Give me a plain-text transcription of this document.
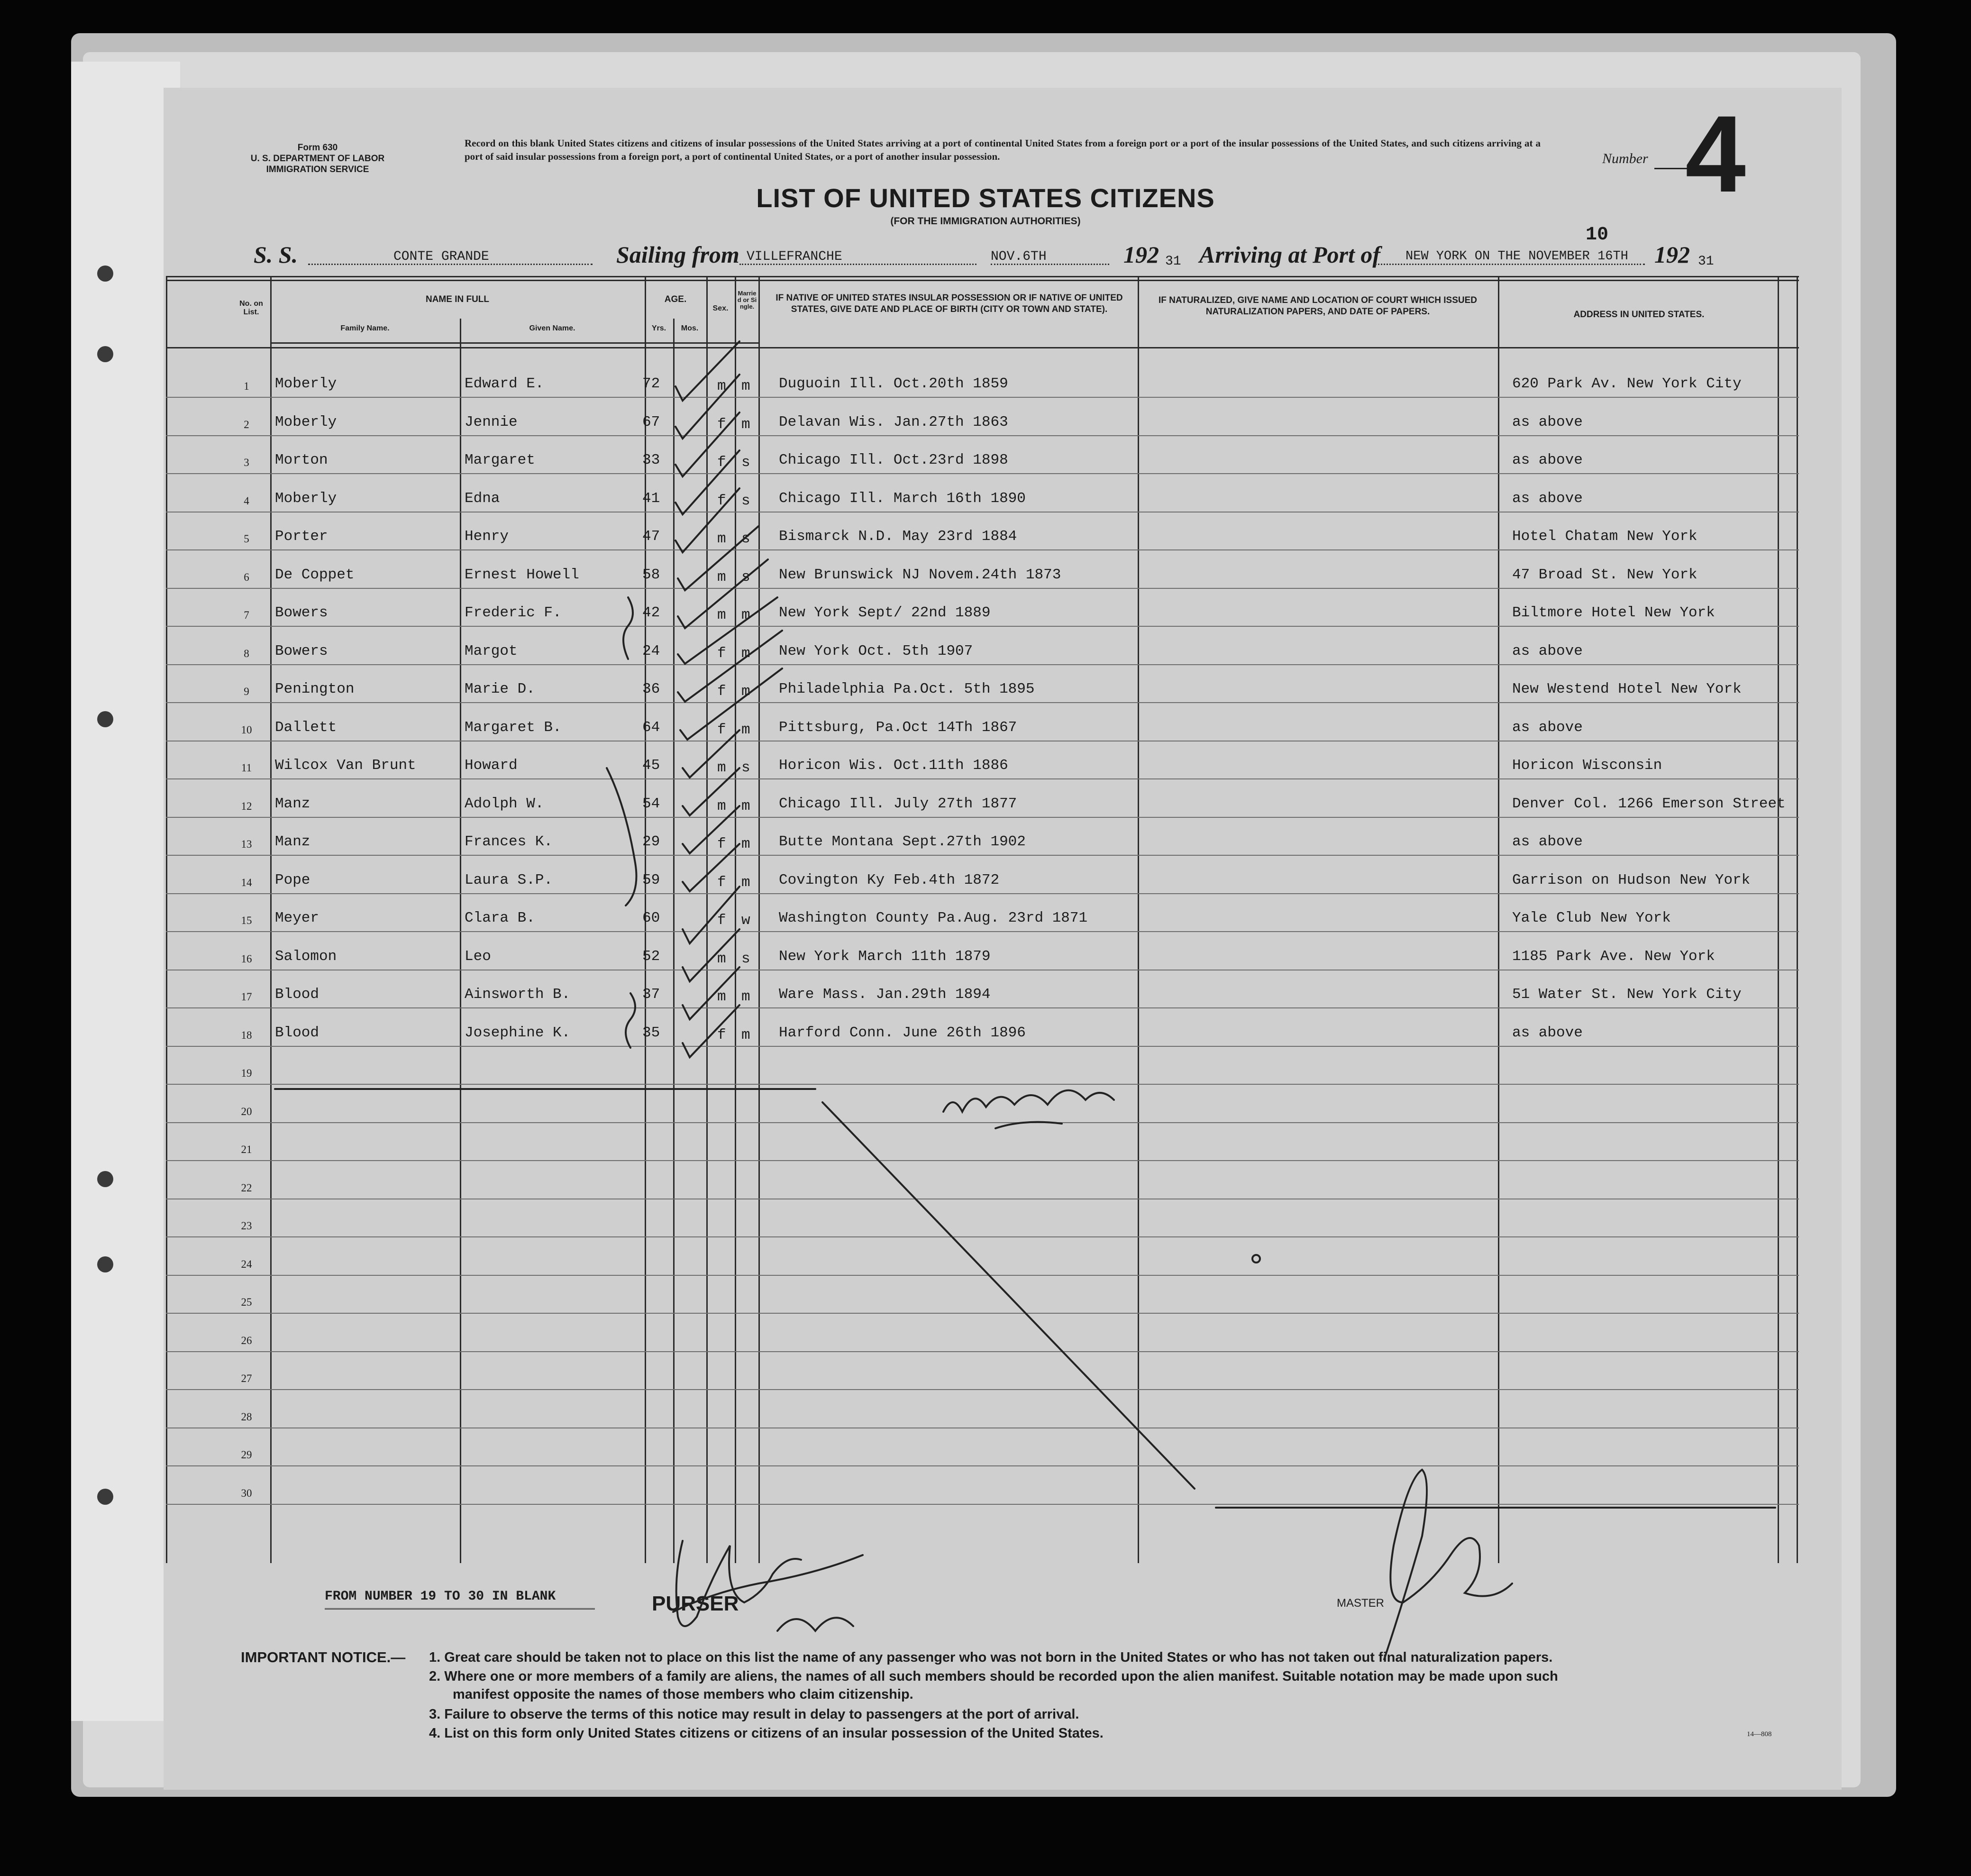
Form 630
U. S. DEPARTMENT OF LABOR
IMMIGRATION SERVICE
Record on this blank United States citizens and citizens of insular possessions of the United States arriving at a port of continental United States from a foreign port or a port of the insular possessions of the United States, and such citizens arriving at a port of said insular possessions from a foreign port, a port of continental United States, or a port of another insular possession.	Number 4
LIST OF UNITED STATES CITIZENS
(FOR THE IMMIGRATION AUTHORITIES)
S. S.	CONTE GRANDE	Sailing from VILLEFRANCHE	NOV.6TH	192 31 Arriving at Port of NEW YORK ON THE NOVEMBER 16TH
10
192 31
No. on List.
NAME IN FULL
Family Name.	Given Name.
AGE.
Yrs.	Mos.
Sex.
Married or Single.
IF NATIVE OF UNITED STATES INSULAR POSSESSION OR IF NATIVE OF UNITED STATES, GIVE DATE AND PLACE OF BIRTH (CITY OR TOWN AND STATE).
IF NATURALIZED, GIVE NAME AND LOCATION OF COURT WHICH ISSUED NATURALIZATION PAPERS, AND DATE OF PAPERS.	ADDRESS IN UNITED STATES.
1	Moberly	Edward E.	72	m m Duguoin Ill. Oct.20th 1859	620 Park Av. New York City
2	Moberly	Jennie	67	f m Delavan Wis. Jan.27th 1863	as above
3	Morton	Margaret	33	f s Chicago Ill. Oct.23rd 1898	as above
4	Moberly	Edna	41	f s Chicago Ill. March 16th 1890	as above
5	Porter	Henry	47	m s Bismarck N.D. May 23rd 1884	Hotel Chatam New York
6	De Coppet	Ernest Howell	58	m s New Brunswick NJ Novem.24th 1873	47 Broad St. New York
7	Bowers	Frederic F.	42	m m New York Sept/ 22nd 1889	Biltmore Hotel New York
8	Bowers	Margot	24	f m New York Oct. 5th 1907	as above
9	Penington	Marie D.	36	f m Philadelphia Pa.Oct. 5th 1895	New Westend Hotel New York
10	Dallett	Margaret B.	64	f m Pittsburg, Pa.Oct 14Th 1867	as above
11	Wilcox Van Brunt	Howard	45	m s Horicon Wis. Oct.11th 1886	Horicon Wisconsin
12	Manz	Adolph W.	54	m m Chicago Ill. July 27th 1877	Denver Col. 1266 Emerson Street
13	Manz	Frances K.	29	f m Butte Montana Sept.27th 1902	as above
14	Pope	Laura S.P.	59	f m Covington Ky Feb.4th 1872	Garrison on Hudson New York
15	Meyer	Clara B.	60	f w Washington County Pa.Aug. 23rd 1871	Yale Club New York
16	Salomon	Leo	52	m s New York March 11th 1879	1185 Park Ave. New York
17	Blood	Ainsworth B.	37	m m Ware Mass. Jan.29th 1894	51 Water St. New York City
18	Blood	Josephine K.	35	f m Harford Conn. June 26th 1896	as above
19
20
21
22
23
24
25
26
27
28
29
30
FROM NUMBER 19 TO 30 IN BLANK	PURSER	MASTER
IMPORTANT NOTICE.— 1. Great care should be taken not to place on this list the name of any passenger who was not born in the United States or who has not taken out final naturalization papers.
2. Where one or more members of a family are aliens, the names of all such members should be recorded upon the alien manifest. Suitable notation may be made upon such
manifest opposite the names of those members who claim citizenship.
3. Failure to observe the terms of this notice may result in delay to passengers at the port of arrival.
4. List on this form only United States citizens or citizens of an insular possession of the United States.	14—808
